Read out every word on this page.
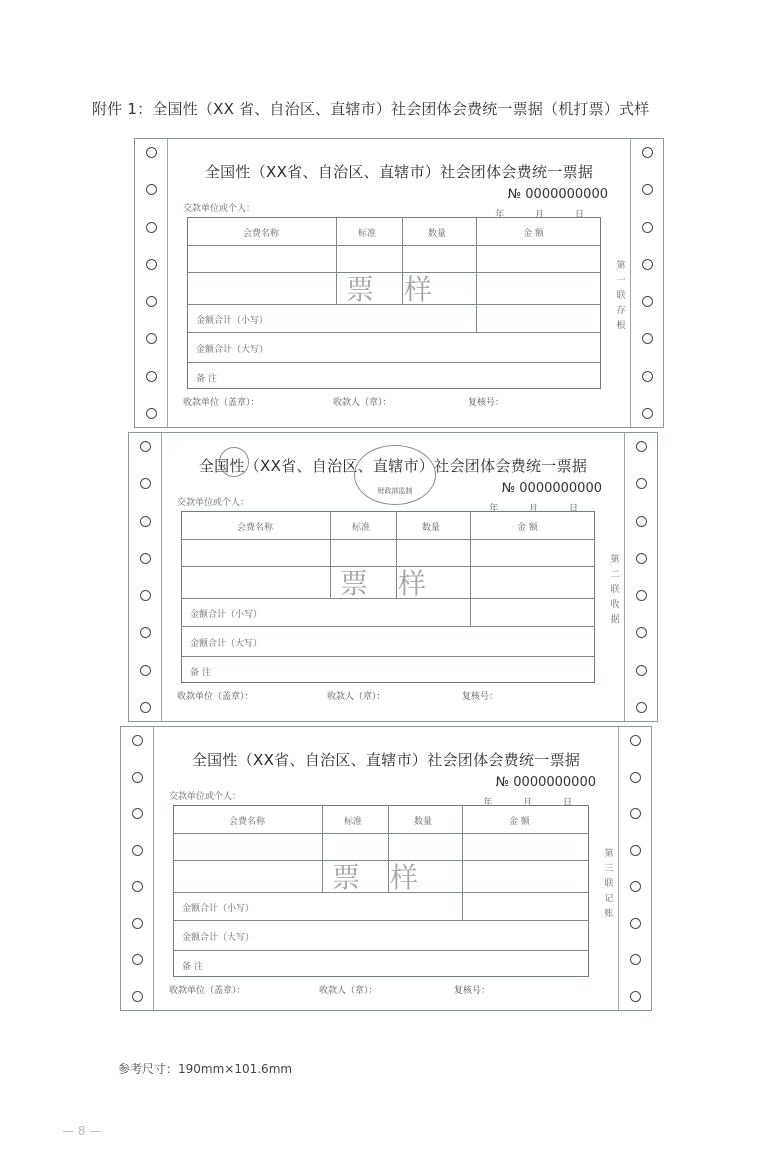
附件 1：全国性（XX 省、自治区、直辖市）社会团体会费统一票据（机打票）式样
全国性（XX省、自治区、直辖市）社会团体会费统一票据
№ 0000000000
年 月 日
交款单位或个人：
会费名称	标准	数量	金 额
票样
金额合计（小写）
金额合计（大写）
备 注
第一联 存根
收款单位（盖章）：	收款人（章）：	复核号：
全国性（XX省、自治区、直辖市）社会团体会费统一票据
财政部监制	№ 0000000000
年 月 日
交款单位或个人：
会费名称	标准	数量	金 额
票样
金额合计（小写）
金额合计（大写）
备 注
第二联 收据
收款单位（盖章）：	收款人（章）：	复核号：
全国性（XX省、自治区、直辖市）社会团体会费统一票据
№ 0000000000
年 月 日
交款单位或个人：
会费名称	标准	数量	金 额
票样
金额合计（小写）
金额合计（大写）
备 注
第三联 记账
收款单位（盖章）：	收款人（章）：	复核号：
参考尺寸：190mm×101.6mm
— 8 —
